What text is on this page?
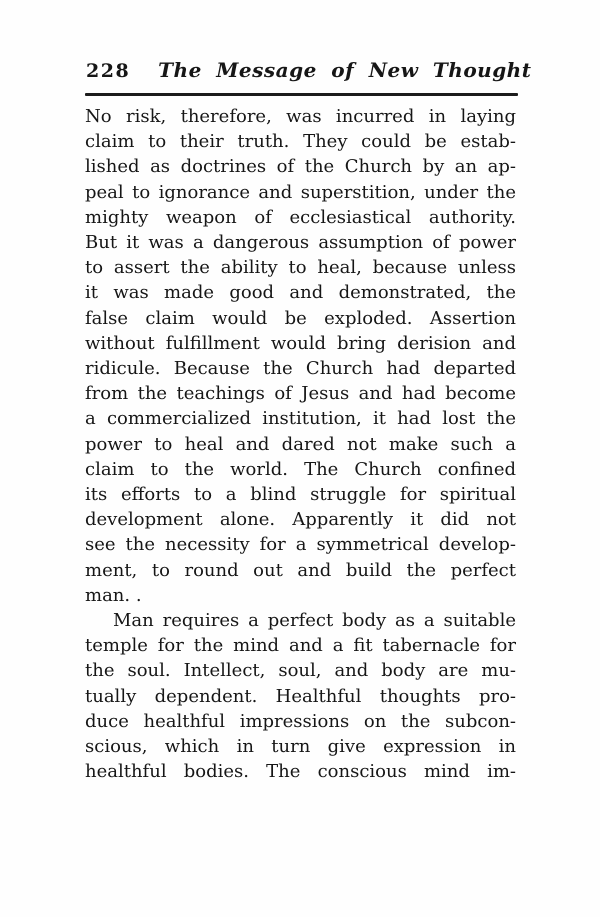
228 The Message of New Thought
No risk, therefore, was incurred in laying
claim to their truth. They could be estab-
lished as doctrines of the Church by an ap-
peal to ignorance and superstition, under the
mighty weapon of ecclesiastical authority.
But it was a dangerous assumption of power
to assert the ability to heal, because unless
it was made good and demonstrated, the
false claim would be exploded. Assertion
without fulfillment would bring derision and
ridicule. Because the Church had departed
from the teachings of Jesus and had become
a commercialized institution, it had lost the
power to heal and dared not make such a
claim to the world. The Church confined
its efforts to a blind struggle for spiritual
development alone. Apparently it did not
see the necessity for a symmetrical develop-
ment, to round out and build the perfect
man. .
Man requires a perfect body as a suitable
temple for the mind and a fit tabernacle for
the soul. Intellect, soul, and body are mu-
tually dependent. Healthful thoughts pro-
duce healthful impressions on the subcon-
scious, which in turn give expression in
healthful bodies. The conscious mind im-
